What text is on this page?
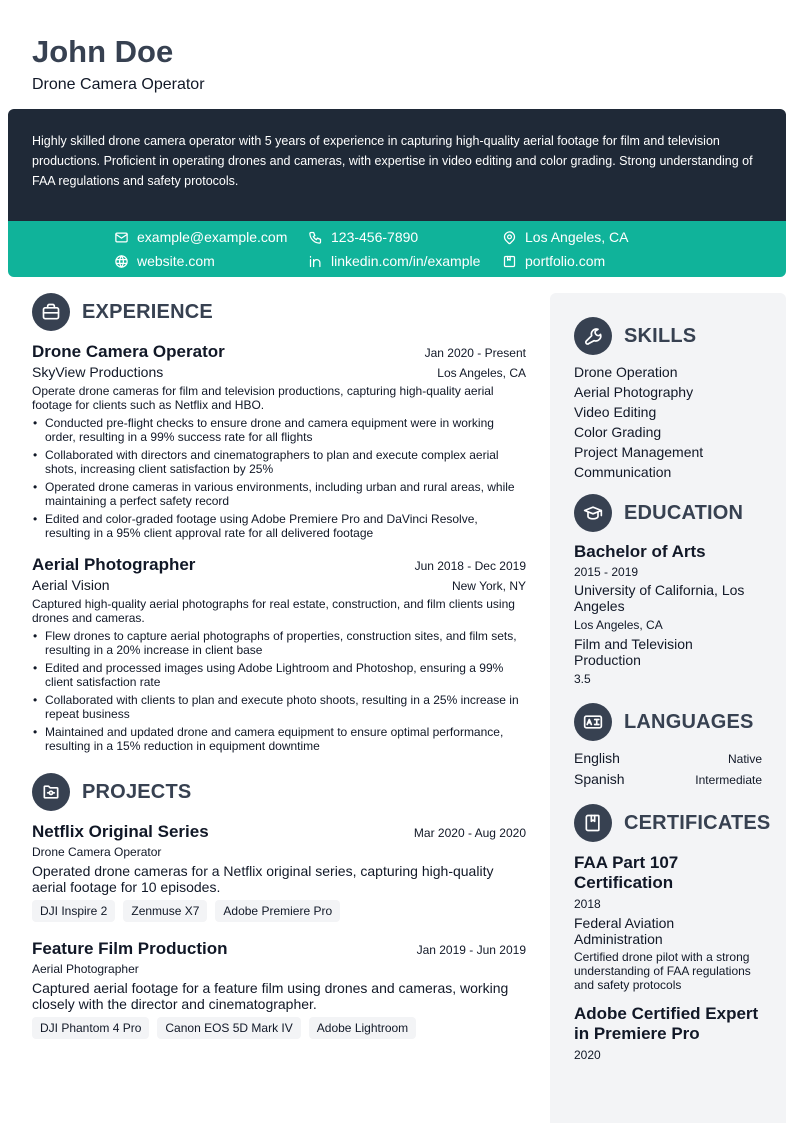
John Doe
Drone Camera Operator

Highly skilled drone camera operator with 5 years of experience in capturing high-quality aerial footage for film and television productions. Proficient in operating drones and cameras, with expertise in video editing and color grading. Strong understanding of FAA regulations and safety protocols.

example@example.com	123-456-7890	Los Angeles, CA
website.com	linkedin.com/in/example	portfolio.com
EXPERIENCE
Drone Camera Operator	Jan 2020 - Present
SkyView Productions	Los Angeles, CA
Operate drone cameras for film and television productions, capturing high-quality aerial footage for clients such as Netflix and HBO.
• Conducted pre-flight checks to ensure drone and camera equipment were in working order, resulting in a 99% success rate for all flights
• Collaborated with directors and cinematographers to plan and execute complex aerial shots, increasing client satisfaction by 25%
• Operated drone cameras in various environments, including urban and rural areas, while maintaining a perfect safety record
• Edited and color-graded footage using Adobe Premiere Pro and DaVinci Resolve, resulting in a 95% client approval rate for all delivered footage
Aerial Photographer	Jun 2018 - Dec 2019
Aerial Vision	New York, NY
Captured high-quality aerial photographs for real estate, construction, and film clients using drones and cameras.
• Flew drones to capture aerial photographs of properties, construction sites, and film sets, resulting in a 20% increase in client base
• Edited and processed images using Adobe Lightroom and Photoshop, ensuring a 99% client satisfaction rate
• Collaborated with clients to plan and execute photo shoots, resulting in a 25% increase in repeat business
• Maintained and updated drone and camera equipment to ensure optimal performance, resulting in a 15% reduction in equipment downtime
PROJECTS
Netflix Original Series	Mar 2020 - Aug 2020
Drone Camera Operator
Operated drone cameras for a Netflix original series, capturing high-quality aerial footage for 10 episodes.
DJI Inspire 2	Zenmuse X7	Adobe Premiere Pro
Feature Film Production	Jan 2019 - Jun 2019
Aerial Photographer
Captured aerial footage for a feature film using drones and cameras, working closely with the director and cinematographer.
DJI Phantom 4 Pro	Canon EOS 5D Mark IV	Adobe Lightroom
SKILLS
Drone Operation
Aerial Photography
Video Editing
Color Grading
Project Management
Communication
EDUCATION
Bachelor of Arts
2015 - 2019
University of California, Los Angeles
Los Angeles, CA
Film and Television Production
3.5
LANGUAGES
English	Native
Spanish	Intermediate
CERTIFICATES
FAA Part 107 Certification
2018
Federal Aviation Administration
Certified drone pilot with a strong understanding of FAA regulations and safety protocols
Adobe Certified Expert in Premiere Pro
2020
